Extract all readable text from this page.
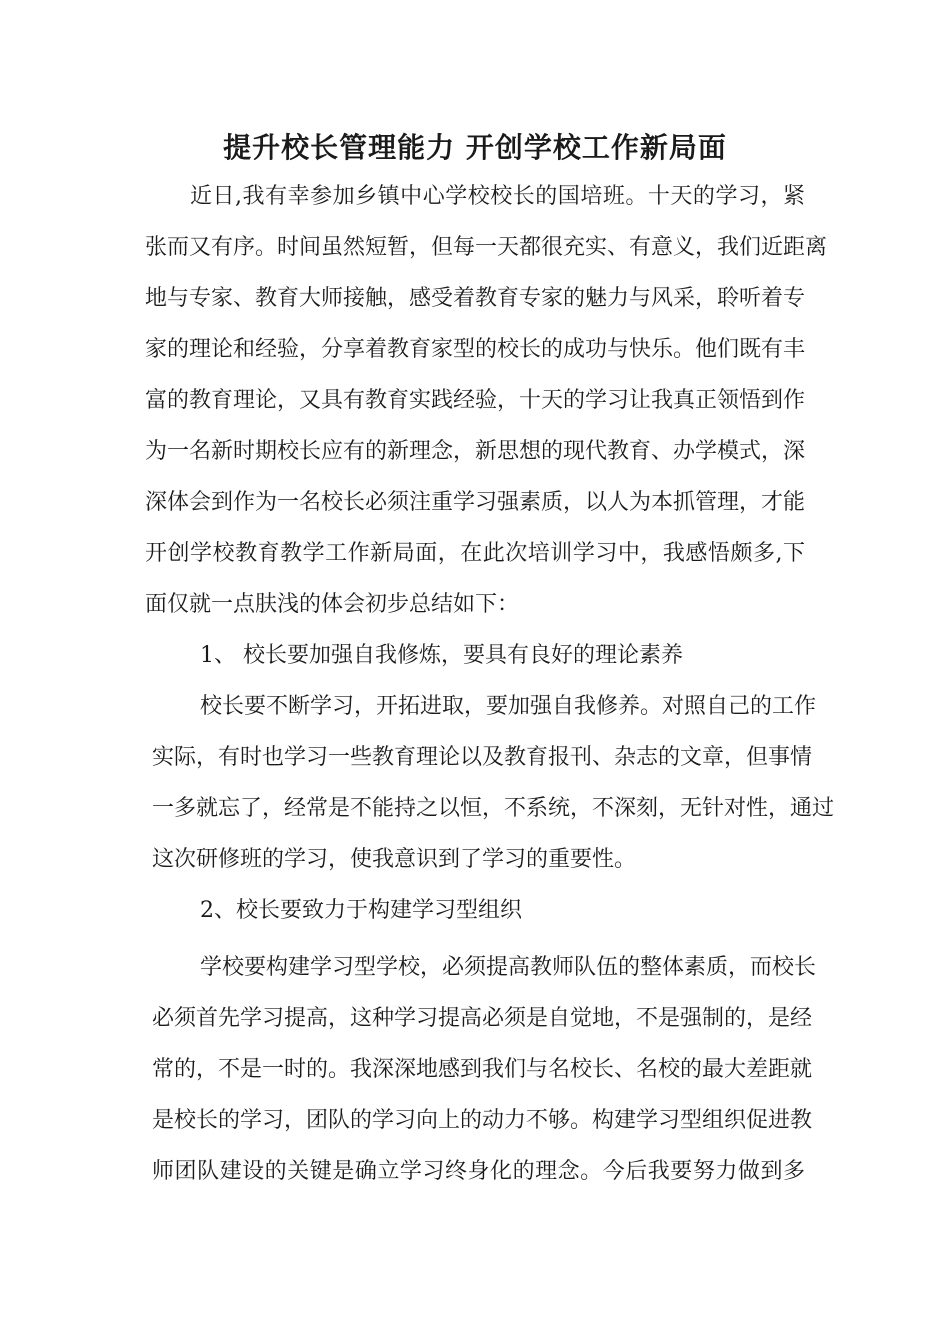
提升校长管理能力 开创学校工作新局面

近日,我有幸参加乡镇中心学校校长的国培班。十天的学习，紧

张而又有序。时间虽然短暂，但每一天都很充实、有意义，我们近距离

地与专家、教育大师接触，感受着教育专家的魅力与风采，聆听着专

家的理论和经验，分享着教育家型的校长的成功与快乐。他们既有丰

富的教育理论，又具有教育实践经验，十天的学习让我真正领悟到作

为一名新时期校长应有的新理念，新思想的现代教育、办学模式，深

深体会到作为一名校长必须注重学习强素质，以人为本抓管理，才能

开创学校教育教学工作新局面，在此次培训学习中，我感悟颇多,下

面仅就一点肤浅的体会初步总结如下：

1、 校长要加强自我修炼，要具有良好的理论素养

校长要不断学习，开拓进取，要加强自我修养。对照自己的工作

实际，有时也学习一些教育理论以及教育报刊、杂志的文章，但事情

一多就忘了，经常是不能持之以恒，不系统，不深刻，无针对性，通过

这次研修班的学习，使我意识到了学习的重要性。

2、校长要致力于构建学习型组织

学校要构建学习型学校，必须提高教师队伍的整体素质，而校长

必须首先学习提高，这种学习提高必须是自觉地，不是强制的，是经

常的，不是一时的。我深深地感到我们与名校长、名校的最大差距就

是校长的学习，团队的学习向上的动力不够。构建学习型组织促进教

师团队建设的关键是确立学习终身化的理念。今后我要努力做到多
